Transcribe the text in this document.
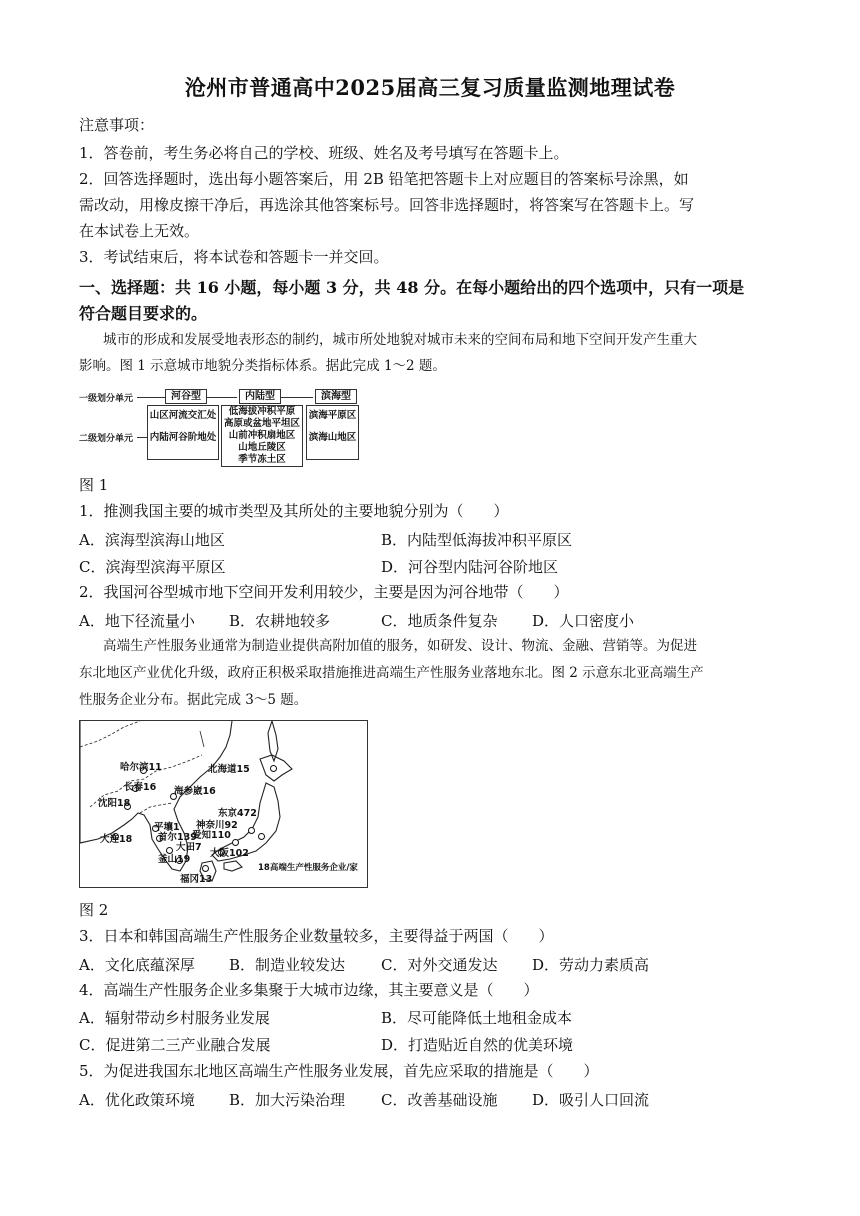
沧州市普通高中2025届高三复习质量监测地理试卷
注意事项：
1．答卷前，考生务必将自己的学校、班级、姓名及考号填写在答题卡上。
2．回答选择题时，选出每小题答案后，用 2B 铅笔把答题卡上对应题目的答案标号涂黑，如
需改动，用橡皮擦干净后，再选涂其他答案标号。回答非选择题时，将答案写在答题卡上。写
在本试卷上无效。
3．考试结束后，将本试卷和答题卡一并交回。
一、选择题：共 16 小题，每小题 3 分，共 48 分。在每小题给出的四个选项中，只有一项是
符合题目要求的。
城市的形成和发展受地表形态的制约，城市所处地貌对城市未来的空间布局和地下空间开发产生重大
影响。图 1 示意城市地貌分类指标体系。据此完成 1～2 题。
一级划分单元	河谷型	内陆型	滨海型
二级划分单元
山区河流交汇处
内陆河谷阶地处
低海拔冲积平原
高原或盆地平坦区
山前冲积扇地区
山地丘陵区
季节冻土区
滨海平原区
滨海山地区
图 1
1．推测我国主要的城市类型及其所处的主要地貌分别为（　　）
A．滨海型滨海山地区	B．内陆型低海拔冲积平原区
C．滨海型滨海平原区	D．河谷型内陆河谷阶地区
2．我国河谷型城市地下空间开发利用较少，主要是因为河谷地带（　　）
A．地下径流量小 B．农耕地较多	C．地质条件复杂 D．人口密度小
高端生产性服务业通常为制造业提供高附加值的服务，如研发、设计、物流、金融、营销等。为促进
东北地区产业优化升级，政府正积极采取措施推进高端生产性服务业落地东北。图 2 示意东北亚高端生产
性服务企业分布。据此完成 3～5 题。
哈尔滨11
长春16
沈阳18
海参崴16
北海道15
大连18
平壤1
首尔139
大田7
釜山19
东京472
神奈川92
爱知110
大阪102
福冈13
18高端生产性服务企业/家
图 2
3．日本和韩国高端生产性服务企业数量较多，主要得益于两国（　　）
A．文化底蕴深厚 B．制造业较发达 C．对外交通发达 D．劳动力素质高
4．高端生产性服务企业多集聚于大城市边缘，其主要意义是（　　）
A．辐射带动乡村服务业发展	B．尽可能降低土地租金成本
C．促进第二三产业融合发展	D．打造贴近自然的优美环境
5．为促进我国东北地区高端生产性服务业发展，首先应采取的措施是（　　）
A．优化政策环境 B．加大污染治理 C．改善基础设施 D．吸引人口回流
